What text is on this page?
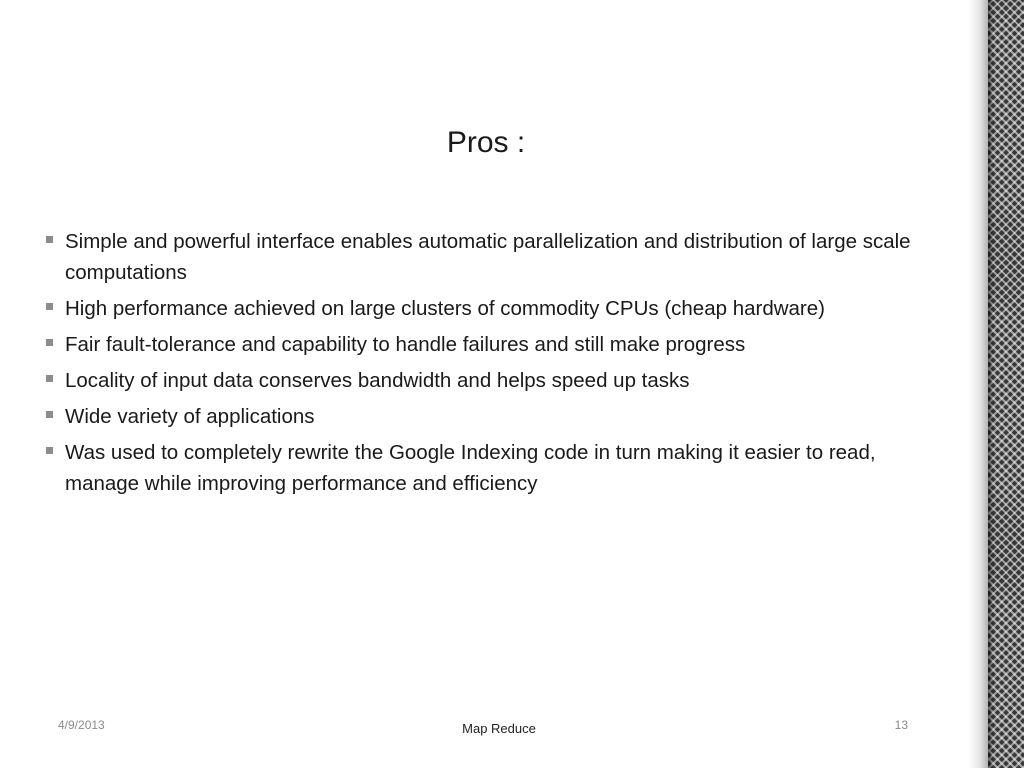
Pros :
Simple and powerful interface enables automatic parallelization and distribution of large scale computations
High performance achieved on large clusters of commodity CPUs (cheap hardware)
Fair fault-tolerance and capability to handle failures and still make progress
Locality of input data conserves bandwidth and helps speed up tasks
Wide variety of applications
Was used to completely rewrite the Google Indexing code in turn making it easier to read, manage while improving performance and efficiency
4/9/2013	Map Reduce	13
